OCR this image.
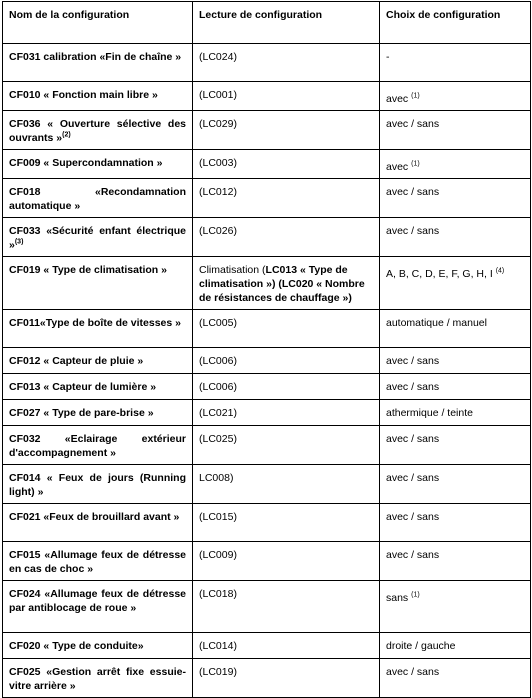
Nom de la configuration	Lecture de configuration	Choix de configuration
CF031 calibration «Fin de chaîne »	(LC024)	-
CF010 « Fonction main libre »	(LC001)	avec $^{(1)}$
CF036 « Ouverture sélective des ouvrants »$^{(2)}$	(LC029)	avec / sans
CF009 « Supercondamnation »	(LC003)	avec $^{(1)}$
CF018 «Recondamnation automatique »	(LC012)	avec / sans
CF033 «Sécurité enfant électrique »$^{(3)}$	(LC026)	avec / sans
CF019 « Type de climatisation »	Climatisation (LC013 « Type de climatisation ») (LC020 « Nombre de résistances de chauffage »)	A, B, C, D, E, F, G, H, I $^{(4)}$
CF011«Type de boîte de vitesses »	(LC005)	automatique / manuel
CF012 « Capteur de pluie »	(LC006)	avec / sans
CF013 « Capteur de lumière »	(LC006)	avec / sans
CF027 « Type de pare-brise »	(LC021)	athermique / teinte
CF032 «Eclairage extérieur d'accompagnement »	(LC025)	avec / sans
CF014 « Feux de jours (Running light) »	LC008)	avec / sans
CF021 «Feux de brouillard avant »	(LC015)	avec / sans
CF015 «Allumage feux de détresse en cas de choc »	(LC009)	avec / sans
CF024 «Allumage feux de détresse par antiblocage de roue »	(LC018)	sans $^{(1)}$
CF020 « Type de conduite»	(LC014)	droite / gauche
CF025 «Gestion arrêt fixe essuie-vitre arrière »	(LC019)	avec / sans
